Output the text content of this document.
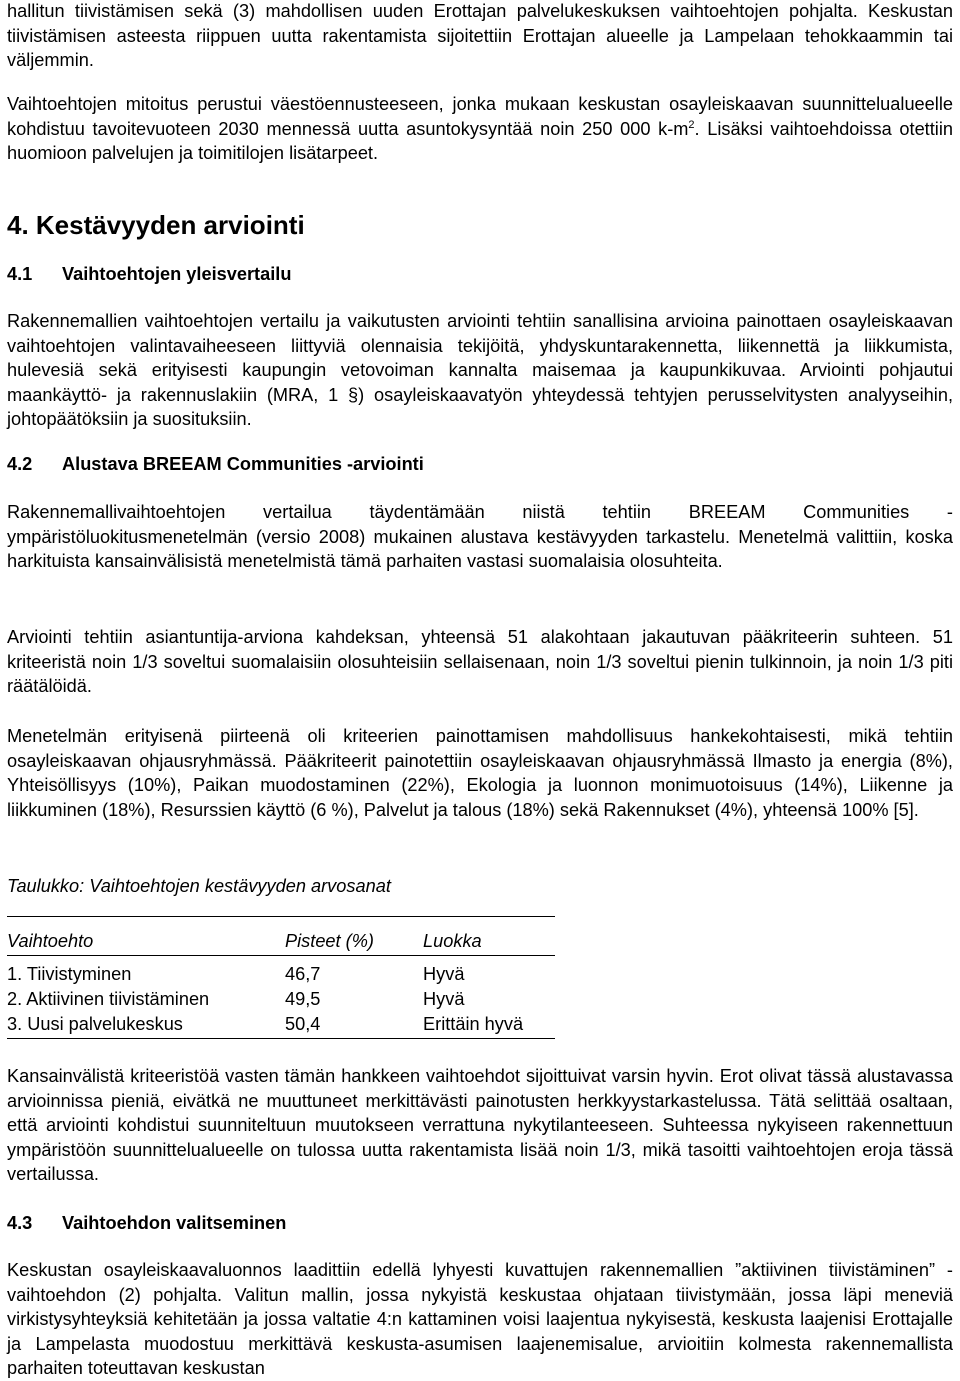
hallitun tiivistämisen sekä (3) mahdollisen uuden Erottajan palvelukeskuksen vaihtoehtojen pohjalta. Keskustan tiivistämisen asteesta riippuen uutta rakentamista sijoitettiin Erottajan alueelle ja Lampelaan tehokkaammin tai väljemmin.

Vaihtoehtojen mitoitus perustui väestöennusteeseen, jonka mukaan keskustan osayleiskaavan suunnittelualueelle kohdistuu tavoitevuoteen 2030 mennessä uutta asuntokysyntää noin 250 000 $k-m^2$. Lisäksi vaihtoehdoissa otettiin huomioon palvelujen ja toimitilojen lisätarpeet.

4. Kestävyyden arviointi
4.1 Vaihtoehtojen yleisvertailu

Rakennemallien vaihtoehtojen vertailu ja vaikutusten arviointi tehtiin sanallisina arvioina painottaen osayleiskaavan vaihtoehtojen valintavaiheeseen liittyviä olennaisia tekijöitä, yhdyskuntarakennetta, liikennettä ja liikkumista, hulevesiä sekä erityisesti kaupungin vetovoiman kannalta maisemaa ja kaupunkikuvaa. Arviointi pohjautui maankäyttö- ja rakennuslakiin (MRA, 1 §) osayleiskaavatyön yhteydessä tehtyjen perusselvitysten analyyseihin, johtopäätöksiin ja suosituksiin.

4.2 Alustava BREEAM Communities -arviointi

Rakennemallivaihtoehtojen vertailua täydentämään niistä tehtiin BREEAM Communities -ympäristöluokitusmenetelmän (versio 2008) mukainen alustava kestävyyden tarkastelu. Menetelmä valittiin, koska harkituista kansainvälisistä menetelmistä tämä parhaiten vastasi suomalaisia olosuhteita.

Arviointi tehtiin asiantuntija-arviona kahdeksan, yhteensä 51 alakohtaan jakautuvan pääkriteerin suhteen. 51 kriteeristä noin 1/3 soveltui suomalaisiin olosuhteisiin sellaisenaan, noin 1/3 soveltui pienin tulkinnoin, ja noin 1/3 piti räätälöidä.

Menetelmän erityisenä piirteenä oli kriteerien painottamisen mahdollisuus hankekohtaisesti, mikä tehtiin osayleiskaavan ohjausryhmässä. Pääkriteerit painotettiin osayleiskaavan ohjausryhmässä Ilmasto ja energia (8%), Yhteisöllisyys (10%), Paikan muodostaminen (22%), Ekologia ja luonnon monimuotoisuus (14%), Liikenne ja liikkuminen (18%), Resurssien käyttö (6 %), Palvelut ja talous (18%) sekä Rakennukset (4%), yhteensä 100% [5].

Taulukko: Vaihtoehtojen kestävyyden arvosanat

Vaihtoehto	Pisteet (%)	Luokka

1. Tiivistyminen	46,7	Hyvä
2. Aktiivinen tiivistäminen	49,5	Hyvä
3. Uusi palvelukeskus	50,4	Erittäin hyvä

Kansainvälistä kriteeristöä vasten tämän hankkeen vaihtoehdot sijoittuivat varsin hyvin. Erot olivat tässä alustavassa arvioinnissa pieniä, eivätkä ne muuttuneet merkittävästi painotusten herkkyystarkastelussa. Tätä selittää osaltaan, että arviointi kohdistui suunniteltuun muutokseen verrattuna nykytilanteeseen. Suhteessa nykyiseen rakennettuun ympäristöön suunnittelualueelle on tulossa uutta rakentamista lisää noin 1/3, mikä tasoitti vaihtoehtojen eroja tässä vertailussa.

4.3 Vaihtoehdon valitseminen

Keskustan osayleiskaavaluonnos laadittiin edellä lyhyesti kuvattujen rakennemallien ”aktiivinen tiivistäminen” -vaihtoehdon (2) pohjalta. Valitun mallin, jossa nykyistä keskustaa ohjataan tiivistymään, jossa läpi meneviä virkistysyhteyksiä kehitetään ja jossa valtatie 4:n kattaminen voisi laajentua nykyisestä, keskusta laajenisi Erottajalle ja Lampelasta muodostuu merkittävä keskusta-asumisen laajenemisalue, arvioitiin kolmesta rakennemallista parhaiten toteuttavan keskustan
